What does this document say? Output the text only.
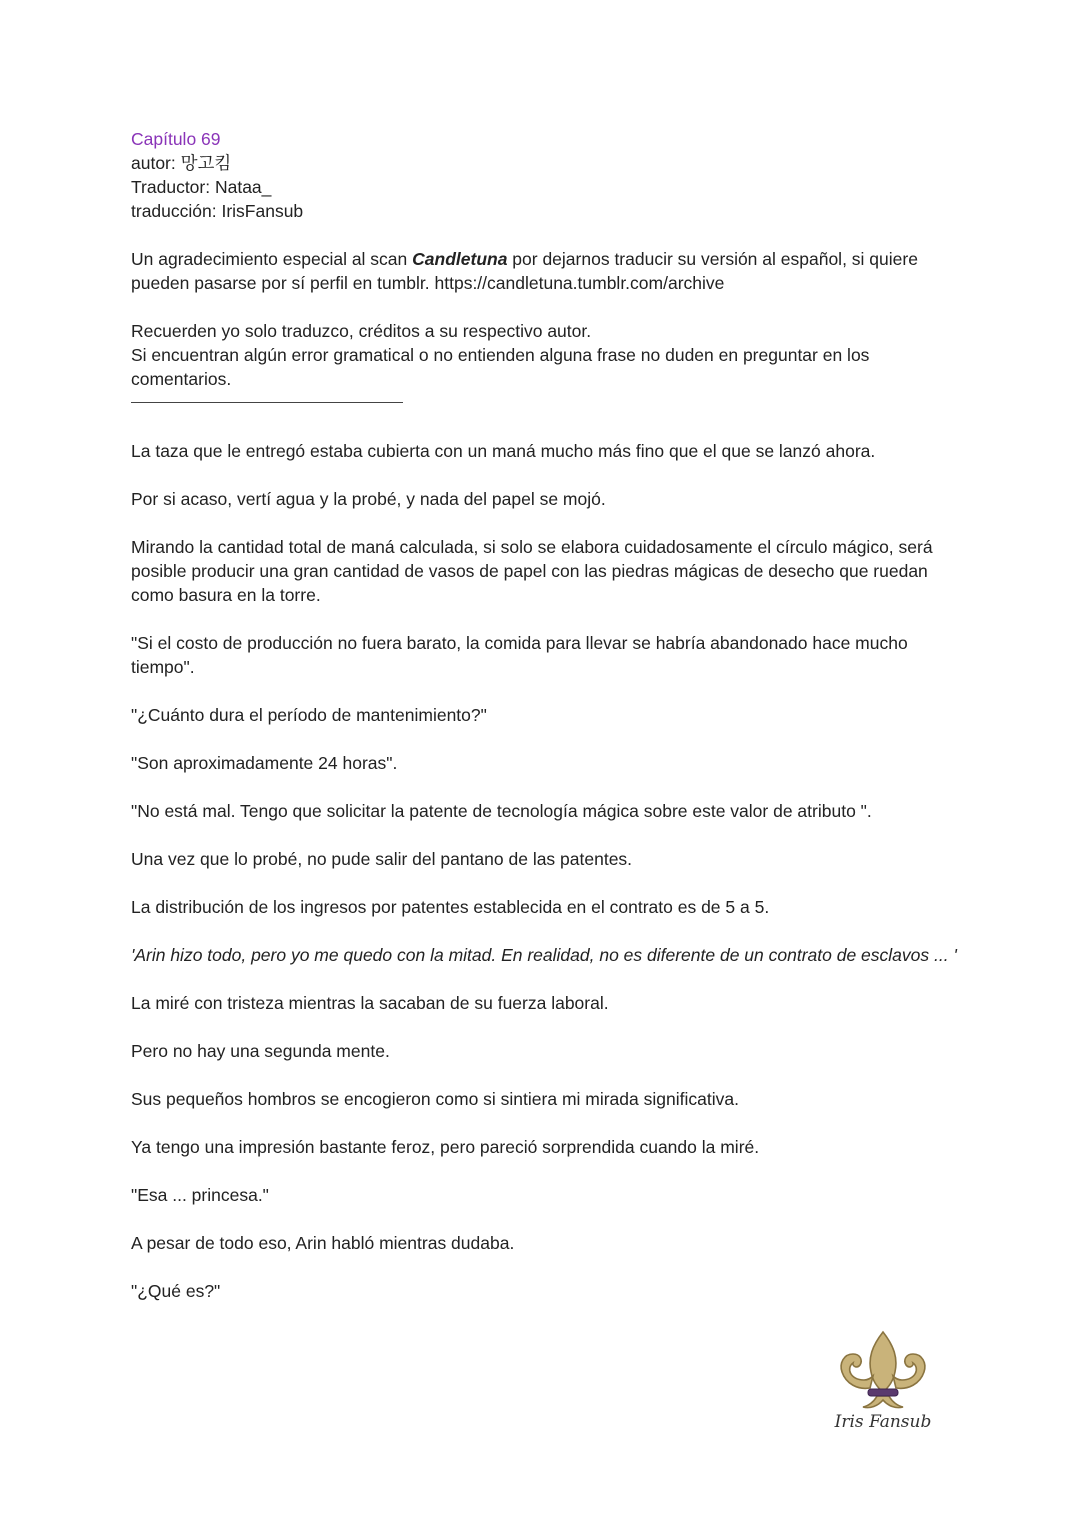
Capítulo 69

autor: 망고킴

Traductor: Nataa_

traducción: IrisFansub

Un agradecimiento especial al scan Candletuna por dejarnos traducir su versión al español, si quiere pueden pasarse por sí perfil en tumblr. https://candletuna.tumblr.com/archive

Recuerden yo solo traduzco, créditos a su respectivo autor.

Si encuentran algún error gramatical o no entienden alguna frase no duden en preguntar en los comentarios.

La taza que le entregó estaba cubierta con un maná mucho más fino que el que se lanzó ahora.

Por si acaso, vertí agua y la probé, y nada del papel se mojó.

Mirando la cantidad total de maná calculada, si solo se elabora cuidadosamente el círculo mágico, será posible producir una gran cantidad de vasos de papel con las piedras mágicas de desecho que ruedan como basura en la torre.

"Si el costo de producción no fuera barato, la comida para llevar se habría abandonado hace mucho tiempo".

"¿Cuánto dura el período de mantenimiento?"

"Son aproximadamente 24 horas".

"No está mal. Tengo que solicitar la patente de tecnología mágica sobre este valor de atributo ".

Una vez que lo probé, no pude salir del pantano de las patentes.

La distribución de los ingresos por patentes establecida en el contrato es de 5 a 5.

'Arin hizo todo, pero yo me quedo con la mitad. En realidad, no es diferente de un contrato de esclavos ... '

La miré con tristeza mientras la sacaban de su fuerza laboral.

Pero no hay una segunda mente.

Sus pequeños hombros se encogieron como si sintiera mi mirada significativa.

Ya tengo una impresión bastante feroz, pero pareció sorprendida cuando la miré.

"Esa ... princesa."

A pesar de todo eso, Arin habló mientras dudaba.

"¿Qué es?"

Iris Fansub
